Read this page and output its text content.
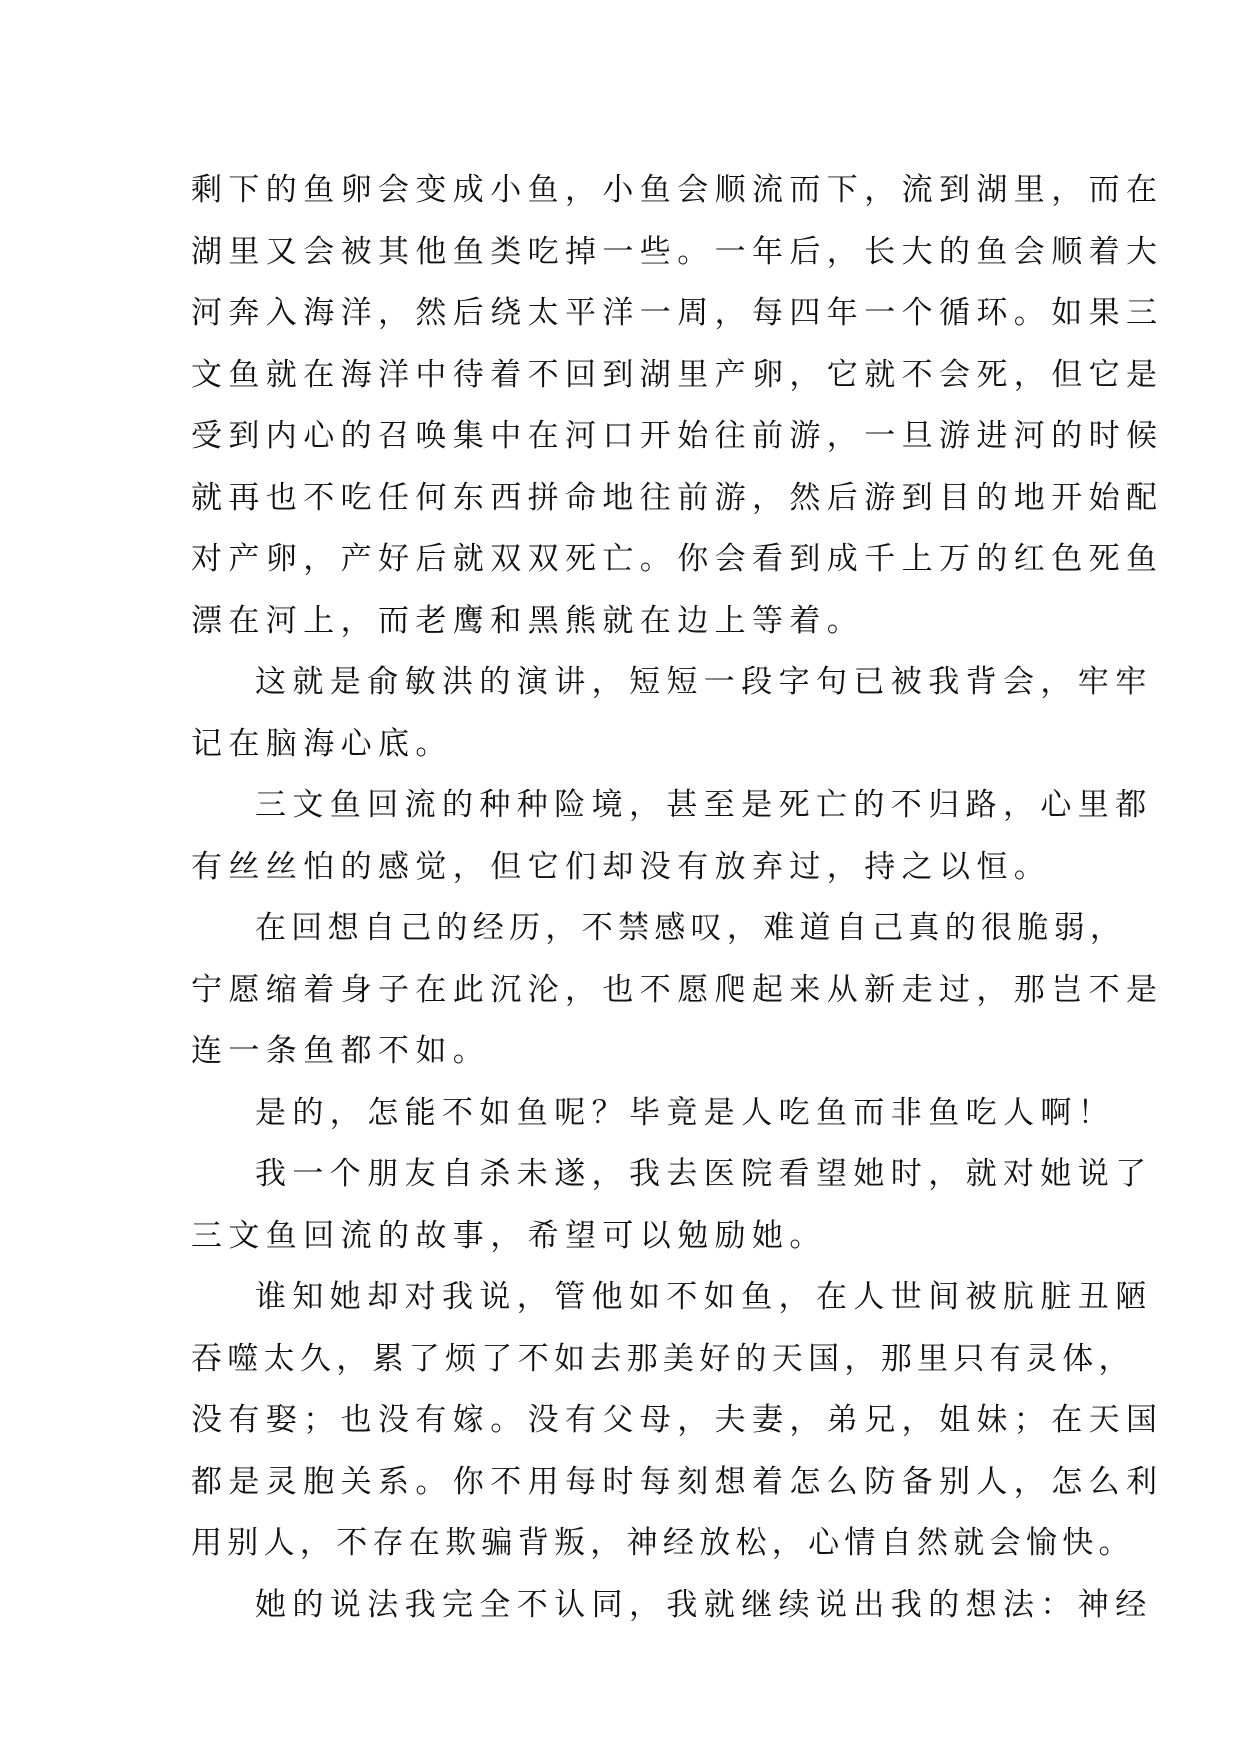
剩下的鱼卵会变成小鱼，小鱼会顺流而下，流到湖里，而在
湖里又会被其他鱼类吃掉一些。一年后，长大的鱼会顺着大
河奔入海洋，然后绕太平洋一周，每四年一个循环。如果三
文鱼就在海洋中待着不回到湖里产卵，它就不会死，但它是
受到内心的召唤集中在河口开始往前游，一旦游进河的时候
就再也不吃任何东西拼命地往前游，然后游到目的地开始配
对产卵，产好后就双双死亡。你会看到成千上万的红色死鱼
漂在河上，而老鹰和黑熊就在边上等着。
这就是俞敏洪的演讲，短短一段字句已被我背会，牢牢
记在脑海心底。
三文鱼回流的种种险境，甚至是死亡的不归路，心里都
有丝丝怕的感觉，但它们却没有放弃过，持之以恒。
在回想自己的经历，不禁感叹，难道自己真的很脆弱，
宁愿缩着身子在此沉沦，也不愿爬起来从新走过，那岂不是
连一条鱼都不如。
是的，怎能不如鱼呢？毕竟是人吃鱼而非鱼吃人啊！
我一个朋友自杀未遂，我去医院看望她时，就对她说了
三文鱼回流的故事，希望可以勉励她。
谁知她却对我说，管他如不如鱼，在人世间被肮脏丑陋
吞噬太久，累了烦了不如去那美好的天国，那里只有灵体，
没有娶；也没有嫁。没有父母，夫妻，弟兄，姐妹；在天国
都是灵胞关系。你不用每时每刻想着怎么防备别人，怎么利
用别人，不存在欺骗背叛，神经放松，心情自然就会愉快。
她的说法我完全不认同，我就继续说出我的想法：神经
